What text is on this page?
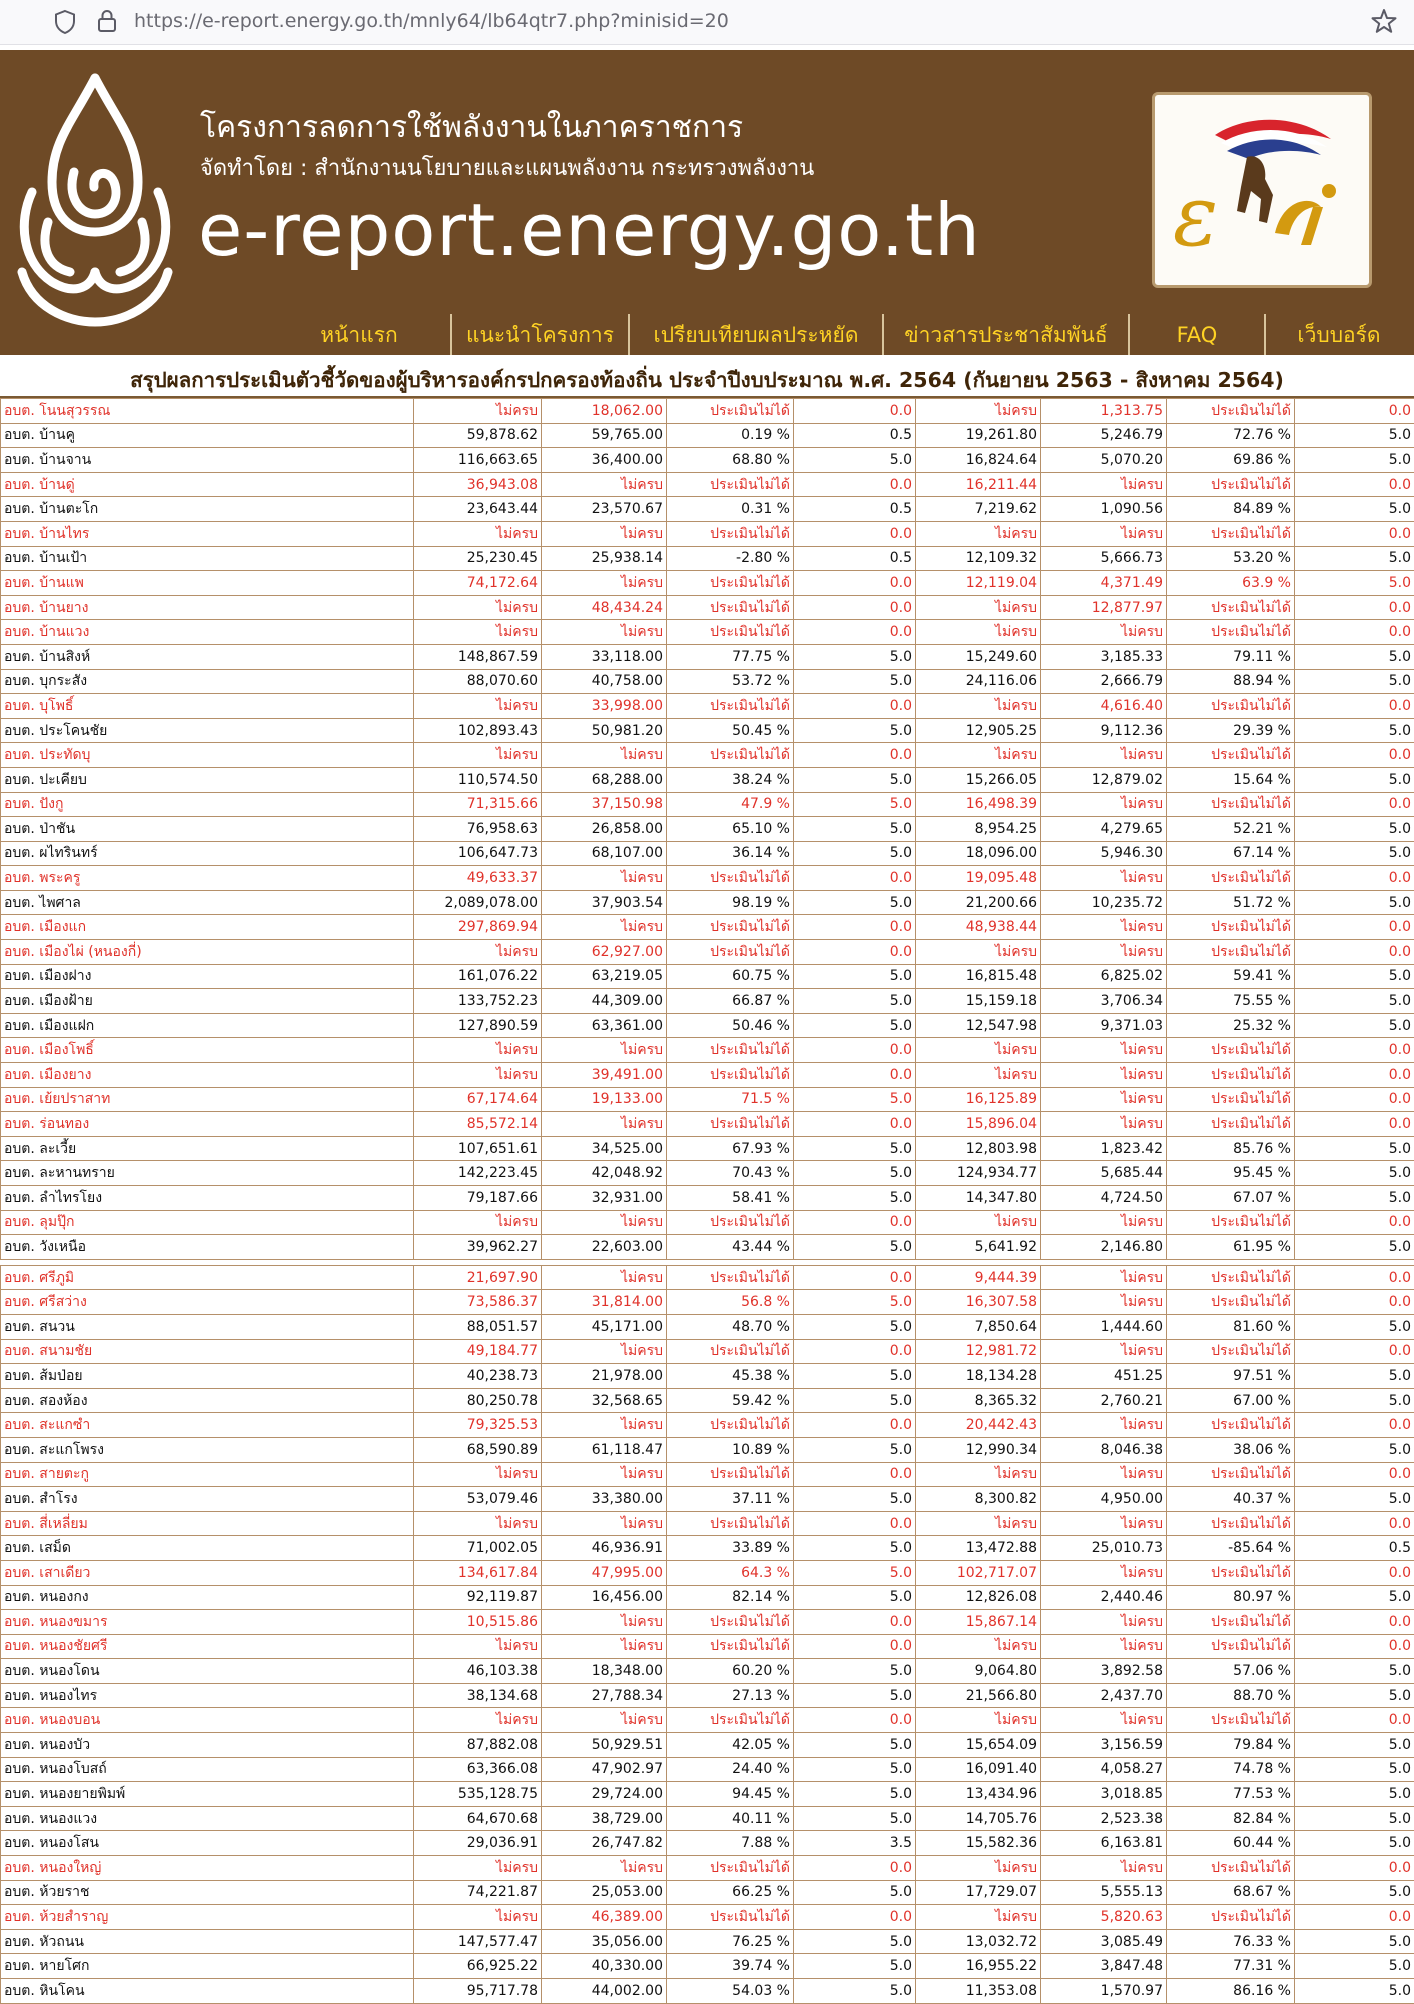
https://e-report.energy.go.th/mnly64/lb64qtr7.php?minisid=20
โครงการลดการใช้พลังงานในภาคราชการ
จัดทำโดย : สำนักงานนโยบายและแผนพลังงาน กระทรวงพลังงาน
e-report.energy.go.th ɛ
หน้าแรก	แนะนำโครงการ	เปรียบเทียบผลประหยัด	ข่าวสารประชาสัมพันธ์	FAQ	เว็บบอร์ด
สรุปผลการประเมินตัวชี้วัดของผู้บริหารองค์กรปกครองท้องถิ่น ประจำปีงบประมาณ พ.ศ. 2564 (กันยายน 2563 - สิงหาคม 2564)
อบต. โนนสุวรรณ	ไม่ครบ	18,062.00	ประเมินไม่ได้	0.0	ไม่ครบ	1,313.75	ประเมินไม่ได้	0.0
อบต. บ้านคู	59,878.62	59,765.00	0.19 %	0.5	19,261.80	5,246.79	72.76 %	5.0
อบต. บ้านจาน	116,663.65	36,400.00	68.80 %	5.0	16,824.64	5,070.20	69.86 %	5.0
อบต. บ้านดู่	36,943.08	ไม่ครบ	ประเมินไม่ได้	0.0	16,211.44	ไม่ครบ	ประเมินไม่ได้	0.0
อบต. บ้านตะโก	23,643.44	23,570.67	0.31 %	0.5	7,219.62	1,090.56	84.89 %	5.0
อบต. บ้านไทร	ไม่ครบ	ไม่ครบ	ประเมินไม่ได้	0.0	ไม่ครบ	ไม่ครบ	ประเมินไม่ได้	0.0
อบต. บ้านเป้า	25,230.45	25,938.14	-2.80 %	0.5	12,109.32	5,666.73	53.20 %	5.0
อบต. บ้านแพ	74,172.64	ไม่ครบ	ประเมินไม่ได้	0.0	12,119.04	4,371.49	63.9 %	5.0
อบต. บ้านยาง	ไม่ครบ	48,434.24	ประเมินไม่ได้	0.0	ไม่ครบ	12,877.97	ประเมินไม่ได้	0.0
อบต. บ้านแวง	ไม่ครบ	ไม่ครบ	ประเมินไม่ได้	0.0	ไม่ครบ	ไม่ครบ	ประเมินไม่ได้	0.0
อบต. บ้านสิงห์	148,867.59	33,118.00	77.75 %	5.0	15,249.60	3,185.33	79.11 %	5.0
อบต. บุกระสัง	88,070.60	40,758.00	53.72 %	5.0	24,116.06	2,666.79	88.94 %	5.0
อบต. บุโพธิ์	ไม่ครบ	33,998.00	ประเมินไม่ได้	0.0	ไม่ครบ	4,616.40	ประเมินไม่ได้	0.0
อบต. ประโคนชัย	102,893.43	50,981.20	50.45 %	5.0	12,905.25	9,112.36	29.39 %	5.0
อบต. ประทัดบุ	ไม่ครบ	ไม่ครบ	ประเมินไม่ได้	0.0	ไม่ครบ	ไม่ครบ	ประเมินไม่ได้	0.0
อบต. ปะเคียบ	110,574.50	68,288.00	38.24 %	5.0	15,266.05	12,879.02	15.64 %	5.0
อบต. ปังกู	71,315.66	37,150.98	47.9 %	5.0	16,498.39	ไม่ครบ	ประเมินไม่ได้	0.0
อบต. ป่าชัน	76,958.63	26,858.00	65.10 %	5.0	8,954.25	4,279.65	52.21 %	5.0
อบต. ผไทรินทร์	106,647.73	68,107.00	36.14 %	5.0	18,096.00	5,946.30	67.14 %	5.0
อบต. พระครู	49,633.37	ไม่ครบ	ประเมินไม่ได้	0.0	19,095.48	ไม่ครบ	ประเมินไม่ได้	0.0
อบต. ไพศาล	2,089,078.00	37,903.54	98.19 %	5.0	21,200.66	10,235.72	51.72 %	5.0
อบต. เมืองแก	297,869.94	ไม่ครบ	ประเมินไม่ได้	0.0	48,938.44	ไม่ครบ	ประเมินไม่ได้	0.0
อบต. เมืองไผ่ (หนองกี่)	ไม่ครบ	62,927.00	ประเมินไม่ได้	0.0	ไม่ครบ	ไม่ครบ	ประเมินไม่ได้	0.0
อบต. เมืองฝาง	161,076.22	63,219.05	60.75 %	5.0	16,815.48	6,825.02	59.41 %	5.0
อบต. เมืองฝ้าย	133,752.23	44,309.00	66.87 %	5.0	15,159.18	3,706.34	75.55 %	5.0
อบต. เมืองแฝก	127,890.59	63,361.00	50.46 %	5.0	12,547.98	9,371.03	25.32 %	5.0
อบต. เมืองโพธิ์	ไม่ครบ	ไม่ครบ	ประเมินไม่ได้	0.0	ไม่ครบ	ไม่ครบ	ประเมินไม่ได้	0.0
อบต. เมืองยาง	ไม่ครบ	39,491.00	ประเมินไม่ได้	0.0	ไม่ครบ	ไม่ครบ	ประเมินไม่ได้	0.0
อบต. เย้ยปราสาท	67,174.64	19,133.00	71.5 %	5.0	16,125.89	ไม่ครบ	ประเมินไม่ได้	0.0
อบต. ร่อนทอง	85,572.14	ไม่ครบ	ประเมินไม่ได้	0.0	15,896.04	ไม่ครบ	ประเมินไม่ได้	0.0
อบต. ละเวี้ย	107,651.61	34,525.00	67.93 %	5.0	12,803.98	1,823.42	85.76 %	5.0
อบต. ละหานทราย	142,223.45	42,048.92	70.43 %	5.0	124,934.77	5,685.44	95.45 %	5.0
อบต. ลำไทรโยง	79,187.66	32,931.00	58.41 %	5.0	14,347.80	4,724.50	67.07 %	5.0
อบต. ลุมปุ๊ก	ไม่ครบ	ไม่ครบ	ประเมินไม่ได้	0.0	ไม่ครบ	ไม่ครบ	ประเมินไม่ได้	0.0
อบต. วังเหนือ	39,962.27	22,603.00	43.44 %	5.0	5,641.92	2,146.80	61.95 %	5.0

อบต. ศรีภูมิ	21,697.90	ไม่ครบ	ประเมินไม่ได้	0.0	9,444.39	ไม่ครบ	ประเมินไม่ได้	0.0
อบต. ศรีสว่าง	73,586.37	31,814.00	56.8 %	5.0	16,307.58	ไม่ครบ	ประเมินไม่ได้	0.0
อบต. สนวน	88,051.57	45,171.00	48.70 %	5.0	7,850.64	1,444.60	81.60 %	5.0
อบต. สนามชัย	49,184.77	ไม่ครบ	ประเมินไม่ได้	0.0	12,981.72	ไม่ครบ	ประเมินไม่ได้	0.0
อบต. ส้มป่อย	40,238.73	21,978.00	45.38 %	5.0	18,134.28	451.25	97.51 %	5.0
อบต. สองห้อง	80,250.78	32,568.65	59.42 %	5.0	8,365.32	2,760.21	67.00 %	5.0
อบต. สะแกซำ	79,325.53	ไม่ครบ	ประเมินไม่ได้	0.0	20,442.43	ไม่ครบ	ประเมินไม่ได้	0.0
อบต. สะแกโพรง	68,590.89	61,118.47	10.89 %	5.0	12,990.34	8,046.38	38.06 %	5.0
อบต. สายตะกู	ไม่ครบ	ไม่ครบ	ประเมินไม่ได้	0.0	ไม่ครบ	ไม่ครบ	ประเมินไม่ได้	0.0
อบต. สำโรง	53,079.46	33,380.00	37.11 %	5.0	8,300.82	4,950.00	40.37 %	5.0
อบต. สี่เหลี่ยม	ไม่ครบ	ไม่ครบ	ประเมินไม่ได้	0.0	ไม่ครบ	ไม่ครบ	ประเมินไม่ได้	0.0
อบต. เสม็ด	71,002.05	46,936.91	33.89 %	5.0	13,472.88	25,010.73	-85.64 %	0.5
อบต. เสาเดียว	134,617.84	47,995.00	64.3 %	5.0	102,717.07	ไม่ครบ	ประเมินไม่ได้	0.0
อบต. หนองกง	92,119.87	16,456.00	82.14 %	5.0	12,826.08	2,440.46	80.97 %	5.0
อบต. หนองขมาร	10,515.86	ไม่ครบ	ประเมินไม่ได้	0.0	15,867.14	ไม่ครบ	ประเมินไม่ได้	0.0
อบต. หนองชัยศรี	ไม่ครบ	ไม่ครบ	ประเมินไม่ได้	0.0	ไม่ครบ	ไม่ครบ	ประเมินไม่ได้	0.0
อบต. หนองโดน	46,103.38	18,348.00	60.20 %	5.0	9,064.80	3,892.58	57.06 %	5.0
อบต. หนองไทร	38,134.68	27,788.34	27.13 %	5.0	21,566.80	2,437.70	88.70 %	5.0
อบต. หนองบอน	ไม่ครบ	ไม่ครบ	ประเมินไม่ได้	0.0	ไม่ครบ	ไม่ครบ	ประเมินไม่ได้	0.0
อบต. หนองบัว	87,882.08	50,929.51	42.05 %	5.0	15,654.09	3,156.59	79.84 %	5.0
อบต. หนองโบสถ์	63,366.08	47,902.97	24.40 %	5.0	16,091.40	4,058.27	74.78 %	5.0
อบต. หนองยายพิมพ์	535,128.75	29,724.00	94.45 %	5.0	13,434.96	3,018.85	77.53 %	5.0
อบต. หนองแวง	64,670.68	38,729.00	40.11 %	5.0	14,705.76	2,523.38	82.84 %	5.0
อบต. หนองโสน	29,036.91	26,747.82	7.88 %	3.5	15,582.36	6,163.81	60.44 %	5.0
อบต. หนองใหญ่	ไม่ครบ	ไม่ครบ	ประเมินไม่ได้	0.0	ไม่ครบ	ไม่ครบ	ประเมินไม่ได้	0.0
อบต. ห้วยราช	74,221.87	25,053.00	66.25 %	5.0	17,729.07	5,555.13	68.67 %	5.0
อบต. ห้วยสำราญ	ไม่ครบ	46,389.00	ประเมินไม่ได้	0.0	ไม่ครบ	5,820.63	ประเมินไม่ได้	0.0
อบต. หัวถนน	147,577.47	35,056.00	76.25 %	5.0	13,032.72	3,085.49	76.33 %	5.0
อบต. หายโศก	66,925.22	40,330.00	39.74 %	5.0	16,955.22	3,847.48	77.31 %	5.0
อบต. หินโคน	95,717.78	44,002.00	54.03 %	5.0	11,353.08	1,570.97	86.16 %	5.0
